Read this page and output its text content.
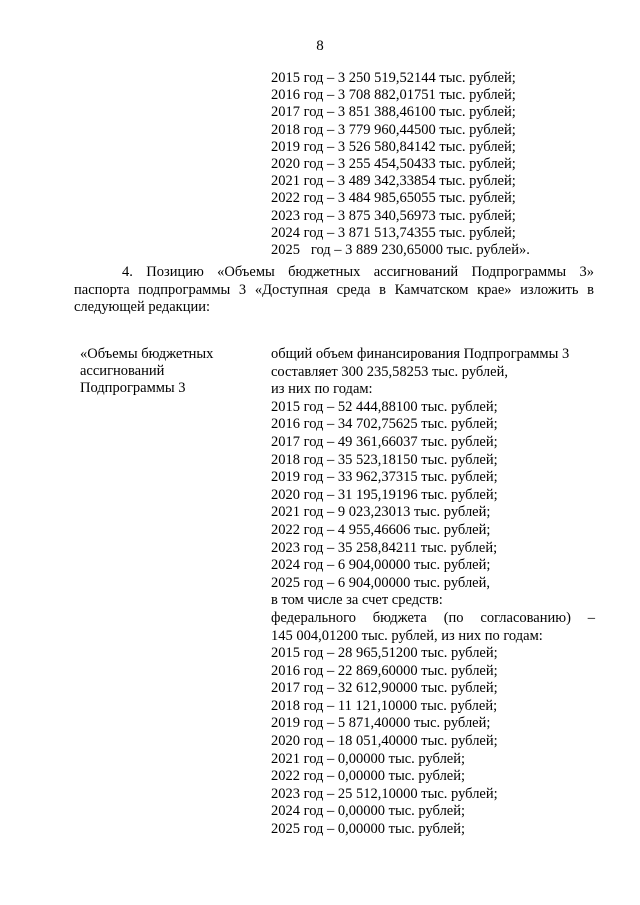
8
2015 год – 3 250 519,52144 тыс. рублей;
2016 год – 3 708 882,01751 тыс. рублей;
2017 год – 3 851 388,46100 тыс. рублей;
2018 год – 3 779 960,44500 тыс. рублей;
2019 год – 3 526 580,84142 тыс. рублей;
2020 год – 3 255 454,50433 тыс. рублей;
2021 год – 3 489 342,33854 тыс. рублей;
2022 год – 3 484 985,65055 тыс. рублей;
2023 год – 3 875 340,56973 тыс. рублей;
2024 год – 3 871 513,74355 тыс. рублей;
2025   год – 3 889 230,65000 тыс. рублей».
4. Позицию «Объемы бюджетных ассигнований Подпрограммы 3»
паспорта подпрограммы 3 «Доступная среда в Камчатском крае» изложить в
следующей редакции:
«Объемы бюджетных
ассигнований
Подпрограммы 3
общий объем финансирования Подпрограммы 3
составляет 300 235,58253 тыс. рублей,
из них по годам:
2015 год – 52 444,88100 тыс. рублей;
2016 год – 34 702,75625 тыс. рублей;
2017 год – 49 361,66037 тыс. рублей;
2018 год – 35 523,18150 тыс. рублей;
2019 год – 33 962,37315 тыс. рублей;
2020 год – 31 195,19196 тыс. рублей;
2021 год – 9 023,23013 тыс. рублей;
2022 год – 4 955,46606 тыс. рублей;
2023 год – 35 258,84211 тыс. рублей;
2024 год – 6 904,00000 тыс. рублей;
2025 год – 6 904,00000 тыс. рублей,
в том числе за счет средств:
федерального бюджета (по согласованию) –
145 004,01200 тыс. рублей, из них по годам:
2015 год – 28 965,51200 тыс. рублей;
2016 год – 22 869,60000 тыс. рублей;
2017 год – 32 612,90000 тыс. рублей;
2018 год – 11 121,10000 тыс. рублей;
2019 год – 5 871,40000 тыс. рублей;
2020 год – 18 051,40000 тыс. рублей;
2021 год – 0,00000 тыс. рублей;
2022 год – 0,00000 тыс. рублей;
2023 год – 25 512,10000 тыс. рублей;
2024 год – 0,00000 тыс. рублей;
2025 год – 0,00000 тыс. рублей;
